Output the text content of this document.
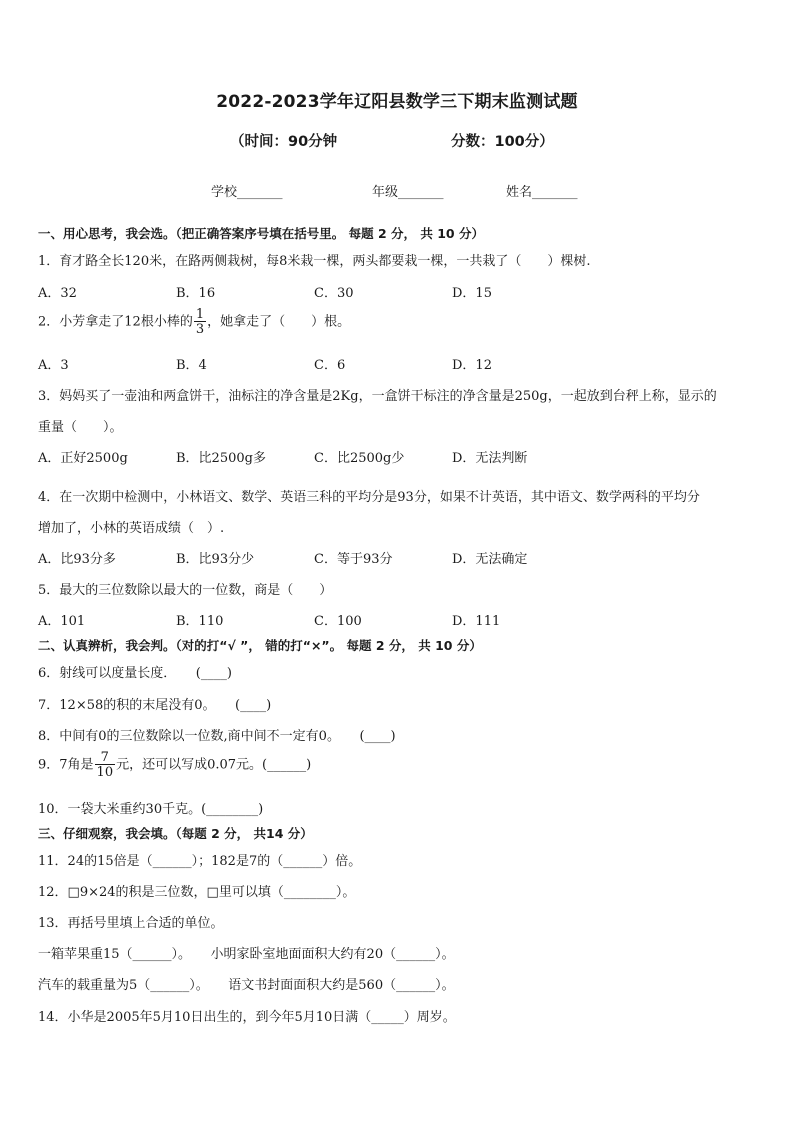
2022-2023学年辽阳县数学三下期末监测试题
（时间：90分钟	分数：100分）
学校_______	年级_______	姓名_______
一、用心思考，我会选。（把正确答案序号填在括号里。 每题 2 分， 共 10 分）
1．育才路全长120米，在路两侧栽树，每8米栽一棵，两头都要栽一棵，一共栽了（　　）棵树.
A．32	B．16	C．30	D．15
2．小芳拿走了12根小棒的 $\frac{1}{3}$ ，她拿走了（　　）根。
A．3	B．4	C．6	D．12
3．妈妈买了一壶油和两盒饼干，油标注的净含量是2Kg，一盒饼干标注的净含量是250g，一起放到台秤上称，显示的
重量（　　）。
A．正好2500g	B．比2500g多	C．比2500g少	D．无法判断
4．在一次期中检测中，小林语文、数学、英语三科的平均分是93分，如果不计英语，其中语文、数学两科的平均分
增加了，小林的英语成绩（　）.
A．比93分多	B．比93分少	C．等于93分	D．无法确定
5．最大的三位数除以最大的一位数，商是（　　）
A．101	B．110	C．100	D．111
二、认真辨析，我会判。（对的打“√ ”， 错的打“×”。 每题 2 分， 共 10 分）
6．射线可以度量长度．　　(____)
7．12×58的积的末尾没有0。　　(____)
8．中间有0的三位数除以一位数,商中间不一定有0。　　(____)
9．7角是 $\frac{7}{10}$ 元，还可以写成0.07元。(______)
10．一袋大米重约30千克。(________)
三、仔细观察，我会填。（每题 2 分， 共14 分）
11．24的15倍是（______）；182是7的（______）倍。
12．□9×24的积是三位数，□里可以填（________）。
13．再括号里填上合适的单位。
一箱苹果重15（______）。　　小明家卧室地面面积大约有20（______）。
汽车的载重量为5（______）。　　语文书封面面积大约是560（______）。
14．小华是2005年5月10日出生的，到今年5月10日满（_____）周岁。
